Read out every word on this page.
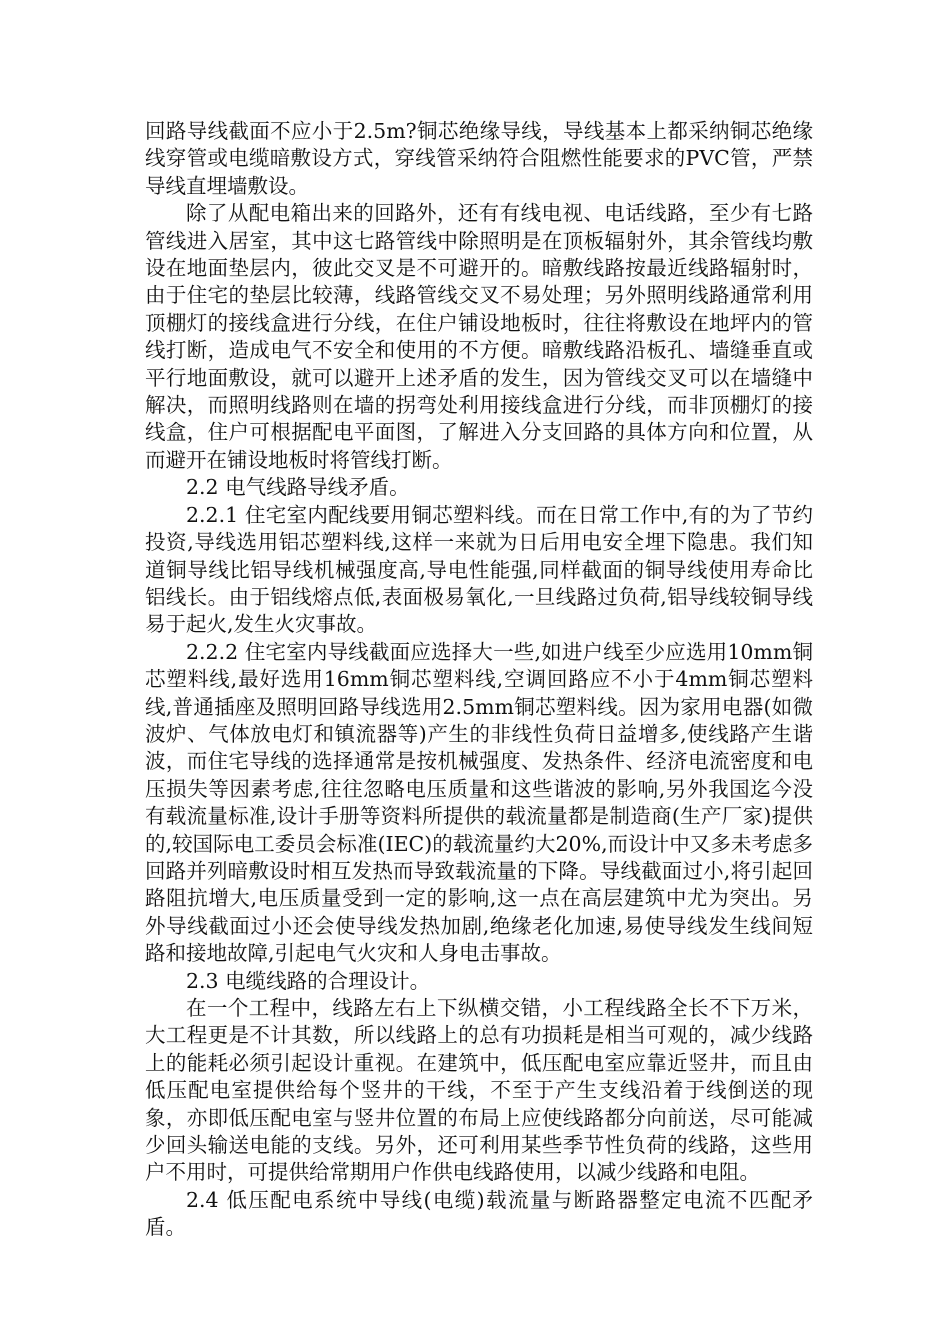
回路导线截面不应小于2.5m?铜芯绝缘导线，导线基本上都采纳铜芯绝缘线穿管或电缆暗敷设方式，穿线管采纳符合阻燃性能要求的PVC管，严禁导线直埋墙敷设。

除了从配电箱出来的回路外，还有有线电视、电话线路，至少有七路管线进入居室，其中这七路管线中除照明是在顶板辐射外，其余管线均敷设在地面垫层内，彼此交叉是不可避开的。暗敷线路按最近线路辐射时，由于住宅的垫层比较薄，线路管线交叉不易处理；另外照明线路通常利用顶棚灯的接线盒进行分线，在住户铺设地板时，往往将敷设在地坪内的管线打断，造成电气不安全和使用的不方便。暗敷线路沿板孔、墙缝垂直或平行地面敷设，就可以避开上述矛盾的发生，因为管线交叉可以在墙缝中解决，而照明线路则在墙的拐弯处利用接线盒进行分线，而非顶棚灯的接线盒，住户可根据配电平面图，了解进入分支回路的具体方向和位置，从而避开在铺设地板时将管线打断。

2.2 电气线路导线矛盾。

2.2.1 住宅室内配线要用铜芯塑料线。而在日常工作中,有的为了节约投资,导线选用铝芯塑料线,这样一来就为日后用电安全埋下隐患。我们知道铜导线比铝导线机械强度高,导电性能强,同样截面的铜导线使用寿命比铝线长。由于铝线熔点低,表面极易氧化,一旦线路过负荷,铝导线较铜导线易于起火,发生火灾事故。

2.2.2 住宅室内导线截面应选择大一些,如进户线至少应选用10mm铜芯塑料线,最好选用16mm铜芯塑料线,空调回路应不小于4mm铜芯塑料线,普通插座及照明回路导线选用2.5mm铜芯塑料线。因为家用电器(如微波炉、气体放电灯和镇流器等)产生的非线性负荷日益增多,使线路产生谐波，而住宅导线的选择通常是按机械强度、发热条件、经济电流密度和电压损失等因素考虑,往往忽略电压质量和这些谐波的影响,另外我国迄今没有载流量标准,设计手册等资料所提供的载流量都是制造商(生产厂家)提供的,较国际电工委员会标准(IEC)的载流量约大20%,而设计中又多未考虑多回路并列暗敷设时相互发热而导致载流量的下降。导线截面过小,将引起回路阻抗增大,电压质量受到一定的影响,这一点在高层建筑中尤为突出。另外导线截面过小还会使导线发热加剧,绝缘老化加速,易使导线发生线间短路和接地故障,引起电气火灾和人身电击事故。

2.3 电缆线路的合理设计。

在一个工程中，线路左右上下纵横交错，小工程线路全长不下万米，大工程更是不计其数，所以线路上的总有功损耗是相当可观的，减少线路上的能耗必须引起设计重视。在建筑中，低压配电室应靠近竖井，而且由低压配电室提供给每个竖井的干线，不至于产生支线沿着于线倒送的现象，亦即低压配电室与竖井位置的布局上应使线路都分向前送，尽可能减少回头输送电能的支线。另外，还可利用某些季节性负荷的线路，这些用户不用时，可提供给常期用户作供电线路使用，以减少线路和电阻。

2.4 低压配电系统中导线(电缆)载流量与断路器整定电流不匹配矛盾。
